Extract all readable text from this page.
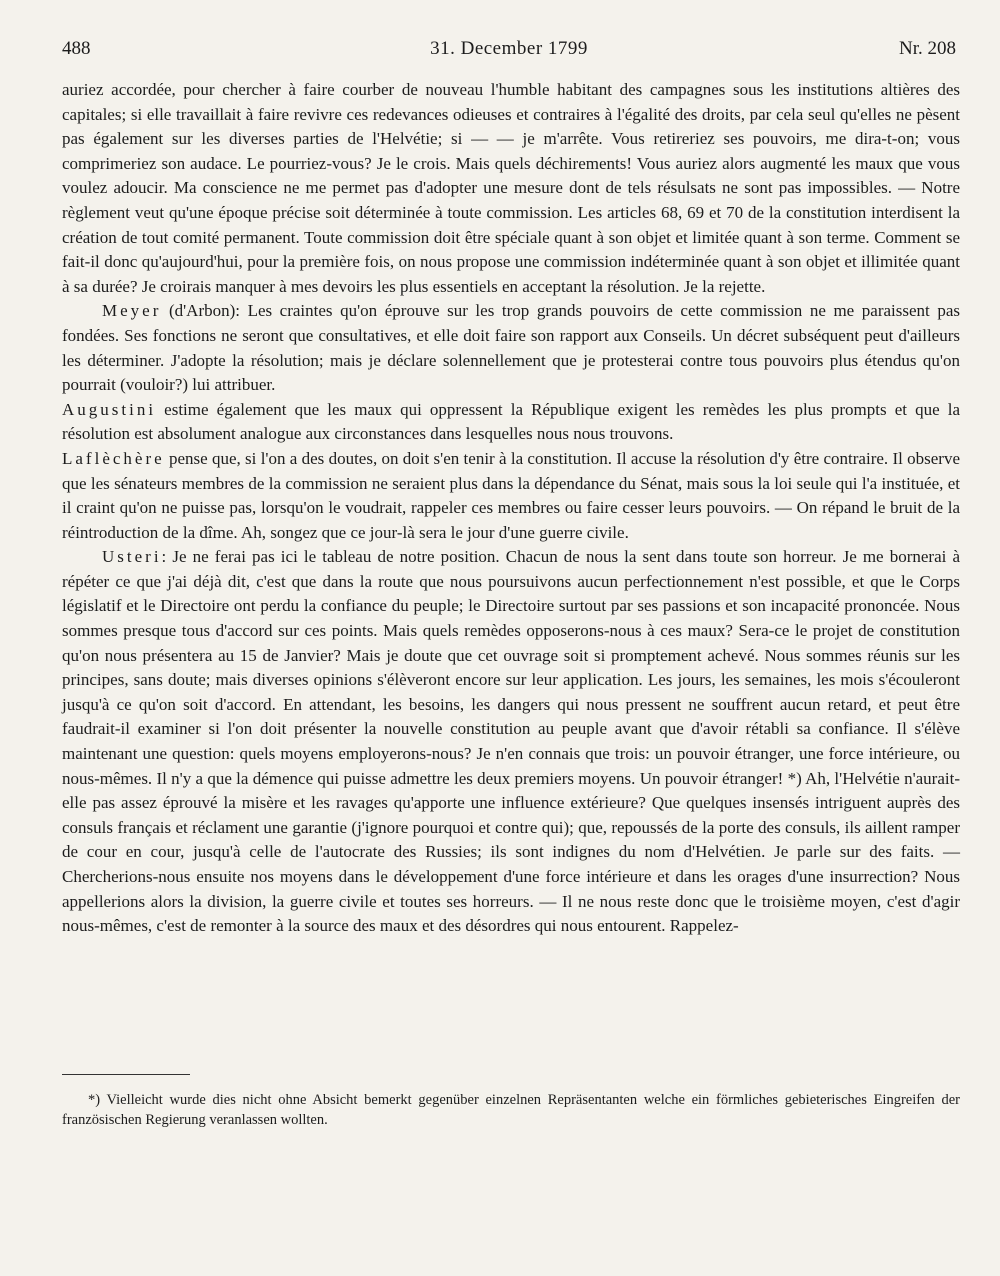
488	31. December 1799	Nr. 208

auriez accordée, pour chercher à faire courber de nouveau l'humble habitant des campagnes sous les institutions altières des capitales; si elle travaillait à faire revivre ces redevances odieuses et contraires à l'égalité des droits, par cela seul qu'elles ne pèsent pas également sur les diverses parties de l'Helvétie; si — — je m'arrête. Vous retireriez ses pouvoirs, me dira-t-on; vous comprimeriez son audace. Le pourriez-vous? Je le crois. Mais quels déchirements! Vous auriez alors augmenté les maux que vous voulez adoucir. Ma conscience ne me permet pas d'adopter une mesure dont de tels résulsats ne sont pas impossibles. — Notre règlement veut qu'une époque précise soit déterminée à toute commission. Les articles 68, 69 et 70 de la constitution interdisent la création de tout comité permanent. Toute commission doit être spéciale quant à son objet et limitée quant à son terme. Comment se fait-il donc qu'aujourd'hui, pour la première fois, on nous propose une commission indéterminée quant à son objet et illimitée quant à sa durée? Je croirais manquer à mes devoirs les plus essentiels en acceptant la résolution. Je la rejette.

Meyer (d'Arbon): Les craintes qu'on éprouve sur les trop grands pouvoirs de cette commission ne me paraissent pas fondées. Ses fonctions ne seront que consultatives, et elle doit faire son rapport aux Conseils. Un décret subséquent peut d'ailleurs les déterminer. J'adopte la résolution; mais je déclare solennellement que je protesterai contre tous pouvoirs plus étendus qu'on pourrait (vouloir?) lui attribuer.

Augustini estime également que les maux qui oppressent la République exigent les remèdes les plus prompts et que la résolution est absolument analogue aux circonstances dans lesquelles nous nous trouvons.

Laflèchère pense que, si l'on a des doutes, on doit s'en tenir à la constitution. Il accuse la résolution d'y être contraire. Il observe que les sénateurs membres de la commission ne seraient plus dans la dépendance du Sénat, mais sous la loi seule qui l'a instituée, et il craint qu'on ne puisse pas, lorsqu'on le voudrait, rappeler ces membres ou faire cesser leurs pouvoirs. — On répand le bruit de la réintroduction de la dîme. Ah, songez que ce jour-là sera le jour d'une guerre civile.

Usteri: Je ne ferai pas ici le tableau de notre position. Chacun de nous la sent dans toute son horreur. Je me bornerai à répéter ce que j'ai déjà dit, c'est que dans la route que nous poursuivons aucun perfectionnement n'est possible, et que le Corps législatif et le Directoire ont perdu la confiance du peuple; le Directoire surtout par ses passions et son incapacité prononcée. Nous sommes presque tous d'accord sur ces points. Mais quels remèdes opposerons-nous à ces maux? Sera-ce le projet de constitution qu'on nous présentera au 15 de Janvier? Mais je doute que cet ouvrage soit si promptement achevé. Nous sommes réunis sur les principes, sans doute; mais diverses opinions s'élèveront encore sur leur application. Les jours, les semaines, les mois s'écouleront jusqu'à ce qu'on soit d'accord. En attendant, les besoins, les dangers qui nous pressent ne souffrent aucun retard, et peut être faudrait-il examiner si l'on doit présenter la nouvelle constitution au peuple avant que d'avoir rétabli sa confiance. Il s'élève maintenant une question: quels moyens employerons-nous? Je n'en connais que trois: un pouvoir étranger, une force intérieure, ou nous-mêmes. Il n'y a que la démence qui puisse admettre les deux premiers moyens. Un pouvoir étranger! *) Ah, l'Helvétie n'aurait-elle pas assez éprouvé la misère et les ravages qu'apporte une influence extérieure? Que quelques insensés intriguent auprès des consuls français et réclament une garantie (j'ignore pourquoi et contre qui); que, repoussés de la porte des consuls, ils aillent ramper de cour en cour, jusqu'à celle de l'autocrate des Russies; ils sont indignes du nom d'Helvétien. Je parle sur des faits. — Chercherions-nous ensuite nos moyens dans le développement d'une force intérieure et dans les orages d'une insurrection? Nous appellerions alors la division, la guerre civile et toutes ses horreurs. — Il ne nous reste donc que le troisième moyen, c'est d'agir nous-mêmes, c'est de remonter à la source des maux et des désordres qui nous entourent. Rappelez-

*) Vielleicht wurde dies nicht ohne Absicht bemerkt gegenüber einzelnen Repräsentanten welche ein förmliches gebieterisches Eingreifen der französischen Regierung veranlassen wollten.
